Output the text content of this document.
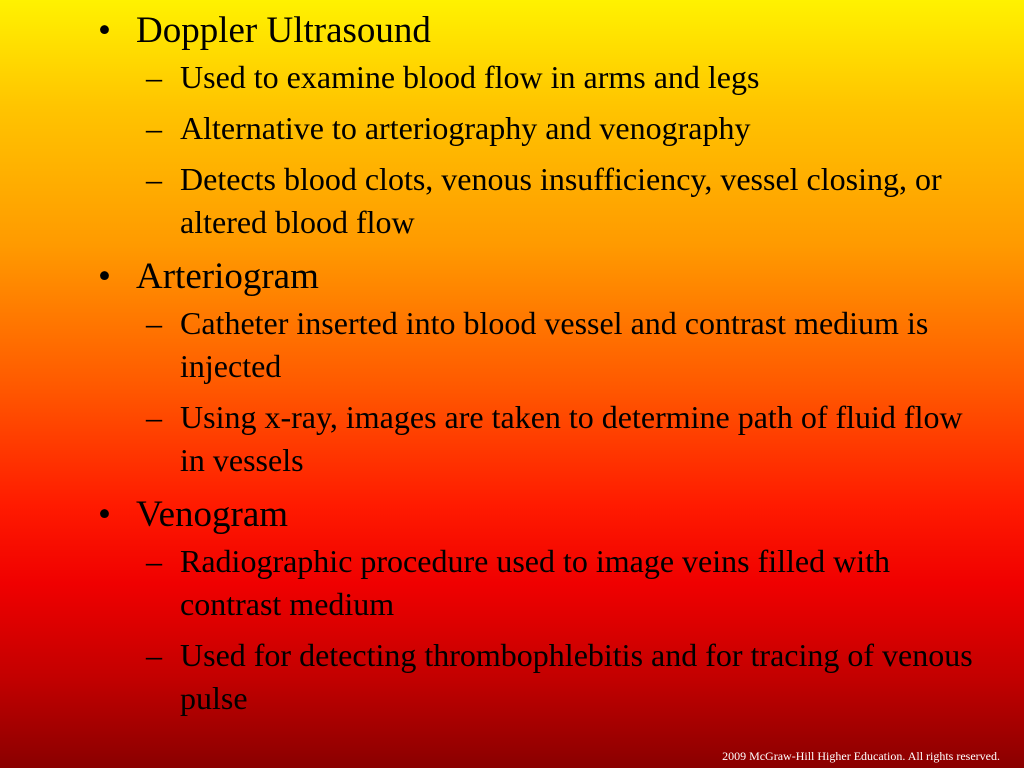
• Doppler Ultrasound
– Used to examine blood flow in arms and legs
– Alternative to arteriography and venography
– Detects blood clots, venous insufficiency, vessel closing, or altered blood flow
• Arteriogram
– Catheter inserted into blood vessel and contrast medium is injected
– Using x-ray, images are taken to determine path of fluid flow in vessels
• Venogram
– Radiographic procedure used to image veins filled with contrast medium
– Used for detecting thrombophlebitis and for tracing of venous pulse
2009 McGraw-Hill Higher Education. All rights reserved.
